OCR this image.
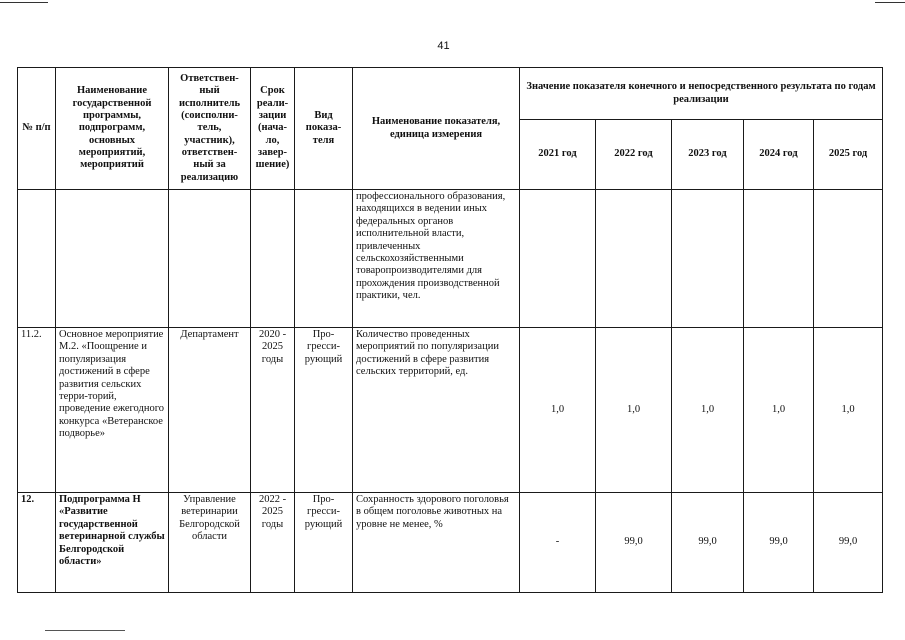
41
№ п/п	Наименование государственной программы, подпрограмм, основных мероприятий, мероприятий	Ответствен-ный исполнитель (соисполни-тель, участник), ответствен-ный за реализацию	Срок реали-зации (нача-ло, завер-шение)	Вид показа-теля	Наименование показателя, единица измерения	Значение показателя конечного и непосредственного результата по годам реализации				
						2021 год	2022 год	2023 год	2024 год	2025 год
					профессионального образования, находящихся в ведении иных федеральных органов исполнительной власти, привлеченных сельскохозяйственными товаропроизводителями для прохождения производственной практики, чел.					
11.2.	Основное мероприятие М.2. «Поощрение и популяризация достижений в сфере развития сельских терри-торий, проведение ежегодного конкурса «Ветеранское подворье»	Департамент	2020 - 2025 годы	Про-гресси-рующий	Количество проведенных мероприятий по популяризации достижений в сфере развития сельских территорий, ед.	1,0	1,0	1,0	1,0	1,0
12.	Подпрограмма Н «Развитие государственной ветеринарной службы Белгородской области»	Управление ветеринарии Белгородской области	2022 - 2025 годы	Про-гресси-рующий	Сохранность здорового поголовья в общем поголовье животных на уровне не менее, %	-	99,0	99,0	99,0	99,0
